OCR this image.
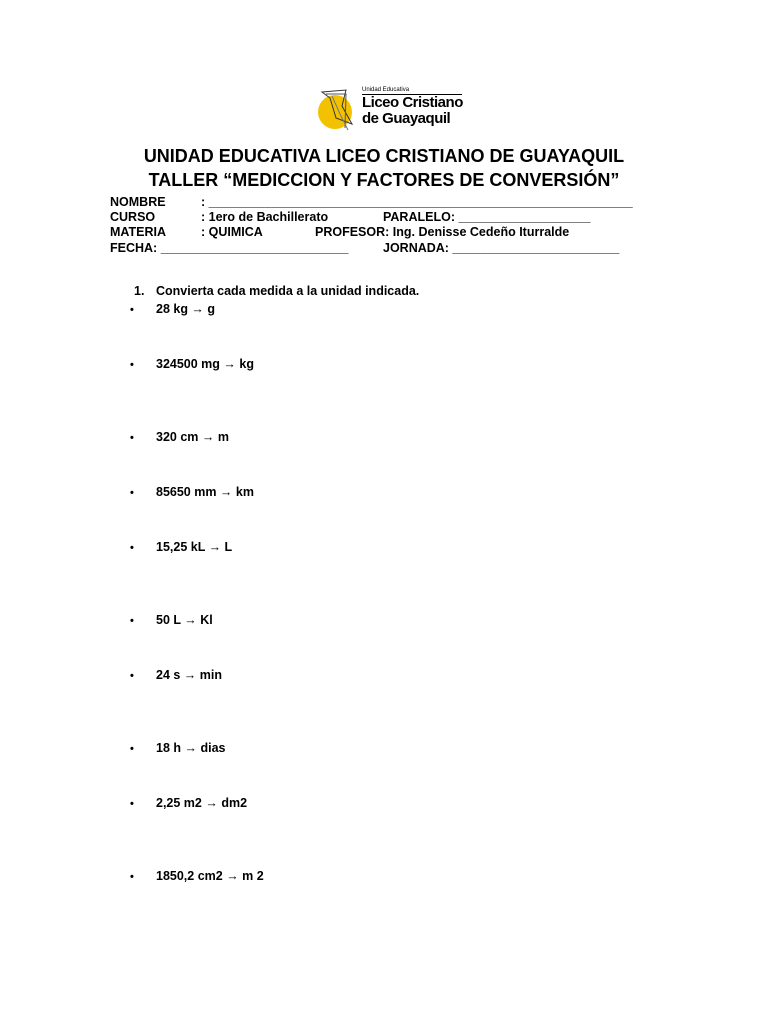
Unidad Educativa
Liceo Cristiano
de Guayaquil
UNIDAD EDUCATIVA LICEO CRISTIANO DE GUAYAQUIL
TALLER “MEDICCION Y FACTORES DE CONVERSIÓN”
NOMBRE	: _____________________________________________________________
CURSO	: 1ero de Bachillerato	PARALELO: ___________________
MATERIA	: QUIMICA	PROFESOR: Ing. Denisse Cedeño Iturralde
FECHA: ___________________________	JORNADA: ________________________
1. Convierta cada medida a la unidad indicada.
• 28 kg → g
• 324500 mg → kg
• 320 cm → m
• 85650 mm → km
• 15,25 kL → L
• 50 L → Kl
• 24 s → min
• 18 h → dias
• 2,25 m2 → dm2
• 1850,2 cm2 → m 2
